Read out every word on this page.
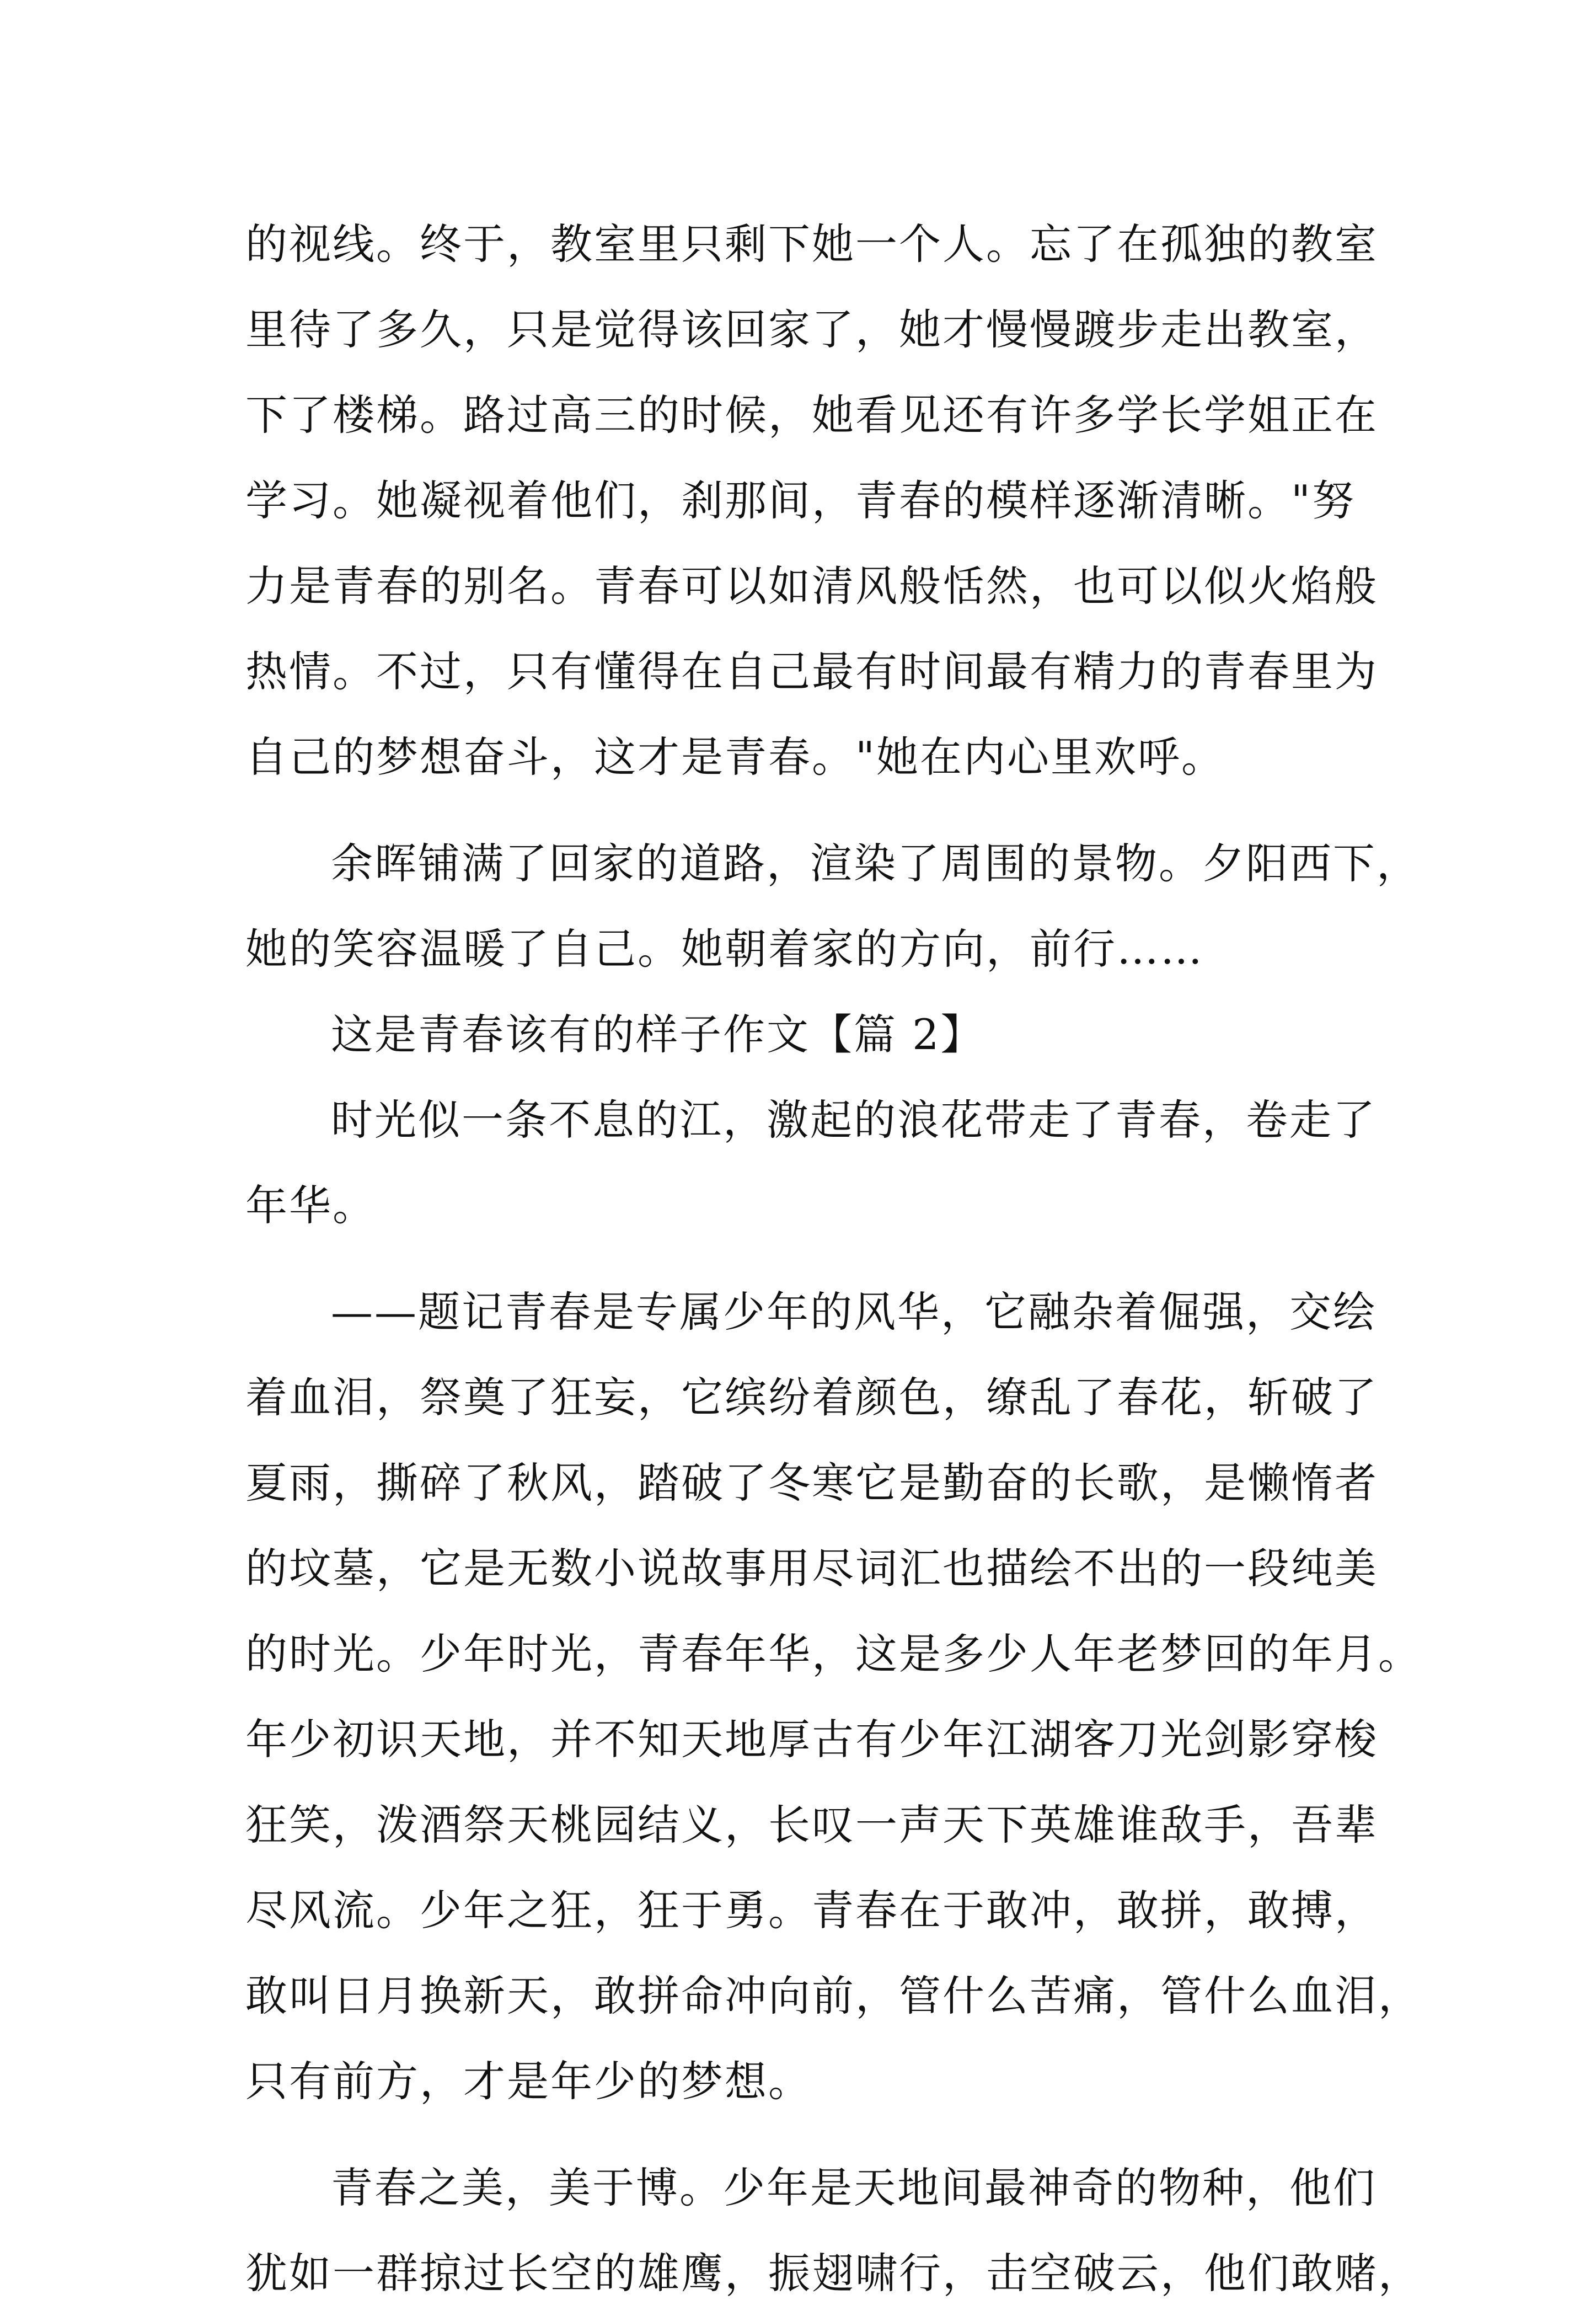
的视线。终于，教室里只剩下她一个人。忘了在孤独的教室
里待了多久，只是觉得该回家了，她才慢慢踱步走出教室，
下了楼梯。路过高三的时候，她看见还有许多学长学姐正在
学习。她凝视着他们，刹那间，青春的模样逐渐清晰。"努
力是青春的别名。青春可以如清风般恬然，也可以似火焰般
热情。不过，只有懂得在自己最有时间最有精力的青春里为
自己的梦想奋斗，这才是青春。"她在内心里欢呼。
余晖铺满了回家的道路，渲染了周围的景物。夕阳西下，
她的笑容温暖了自己。她朝着家的方向，前行……
这是青春该有的样子作文【篇 2】
时光似一条不息的江，激起的浪花带走了青春，卷走了
年华。
——题记青春是专属少年的风华，它融杂着倔强，交绘
着血泪，祭奠了狂妄，它缤纷着颜色，缭乱了春花，斩破了
夏雨，撕碎了秋风，踏破了冬寒它是勤奋的长歌，是懒惰者
的坟墓，它是无数小说故事用尽词汇也描绘不出的一段纯美
的时光。少年时光，青春年华，这是多少人年老梦回的年月。
年少初识天地，并不知天地厚古有少年江湖客刀光剑影穿梭
狂笑，泼酒祭天桃园结义，长叹一声天下英雄谁敌手，吾辈
尽风流。少年之狂，狂于勇。青春在于敢冲，敢拼，敢搏，
敢叫日月换新天，敢拼命冲向前，管什么苦痛，管什么血泪，
只有前方，才是年少的梦想。
青春之美，美于博。少年是天地间最神奇的物种，他们
犹如一群掠过长空的雄鹰，振翅啸行，击空破云，他们敢赌，
